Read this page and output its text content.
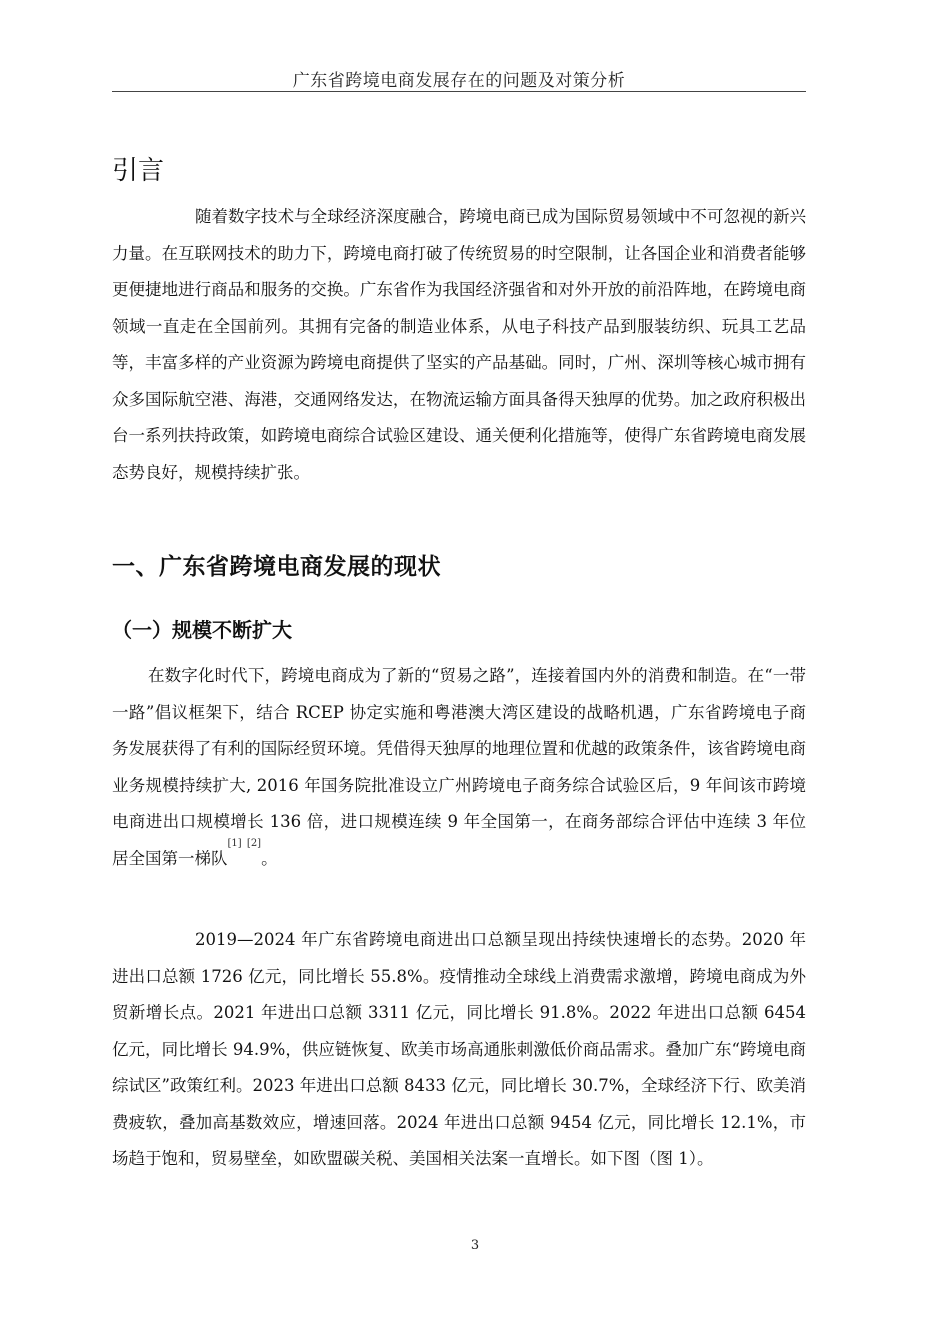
广东省跨境电商发展存在的问题及对策分析
引言

随着数字技术与全球经济深度融合，跨境电商已成为国际贸易领域中不可忽视的新兴力量。在互联网技术的助力下，跨境电商打破了传统贸易的时空限制，让各国企业和消费者能够更便捷地进行商品和服务的交换。广东省作为我国经济强省和对外开放的前沿阵地，在跨境电商领域一直走在全国前列。其拥有完备的制造业体系，从电子科技产品到服装纺织、玩具工艺品等，丰富多样的产业资源为跨境电商提供了坚实的产品基础。同时，广州、深圳等核心城市拥有众多国际航空港、海港，交通网络发达，在物流运输方面具备得天独厚的优势。加之政府积极出台一系列扶持政策，如跨境电商综合试验区建设、通关便利化措施等，使得广东省跨境电商发展态势良好，规模持续扩张。

一、广东省跨境电商发展的现状
（一）规模不断扩大

在数字化时代下，跨境电商成为了新的“贸易之路”，连接着国内外的消费和制造。在“一带一路”倡议框架下，结合 RCEP 协定实施和粤港澳大湾区建设的战略机遇，广东省跨境电子商务发展获得了有利的国际经贸环境。凭借得天独厚的地理位置和优越的政策条件，该省跨境电商业务规模持续扩大, 2016 年国务院批准设立广州跨境电子商务综合试验区后，9 年间该市跨境电商进出口规模增长 136 倍，进口规模连续 9 年全国第一，在商务部综合评估中连续 3 年位居全国第一梯队[1] [2]。

2019—2024 年广东省跨境电商进出口总额呈现出持续快速增长的态势。2020 年进出口总额 1726 亿元，同比增长 55.8%。疫情推动全球线上消费需求激增，跨境电商成为外贸新增长点。2021 年进出口总额 3311 亿元，同比增长 91.8%。2022 年进出口总额 6454 亿元，同比增长 94.9%，供应链恢复、欧美市场高通胀刺激低价商品需求。叠加广东“跨境电商综试区”政策红利。2023 年进出口总额 8433 亿元，同比增长 30.7%，全球经济下行、欧美消费疲软，叠加高基数效应，增速回落。2024 年进出口总额 9454 亿元，同比增长 12.1%，市场趋于饱和，贸易壁垒，如欧盟碳关税、美国相关法案一直增长。如下图（图 1）。

3
